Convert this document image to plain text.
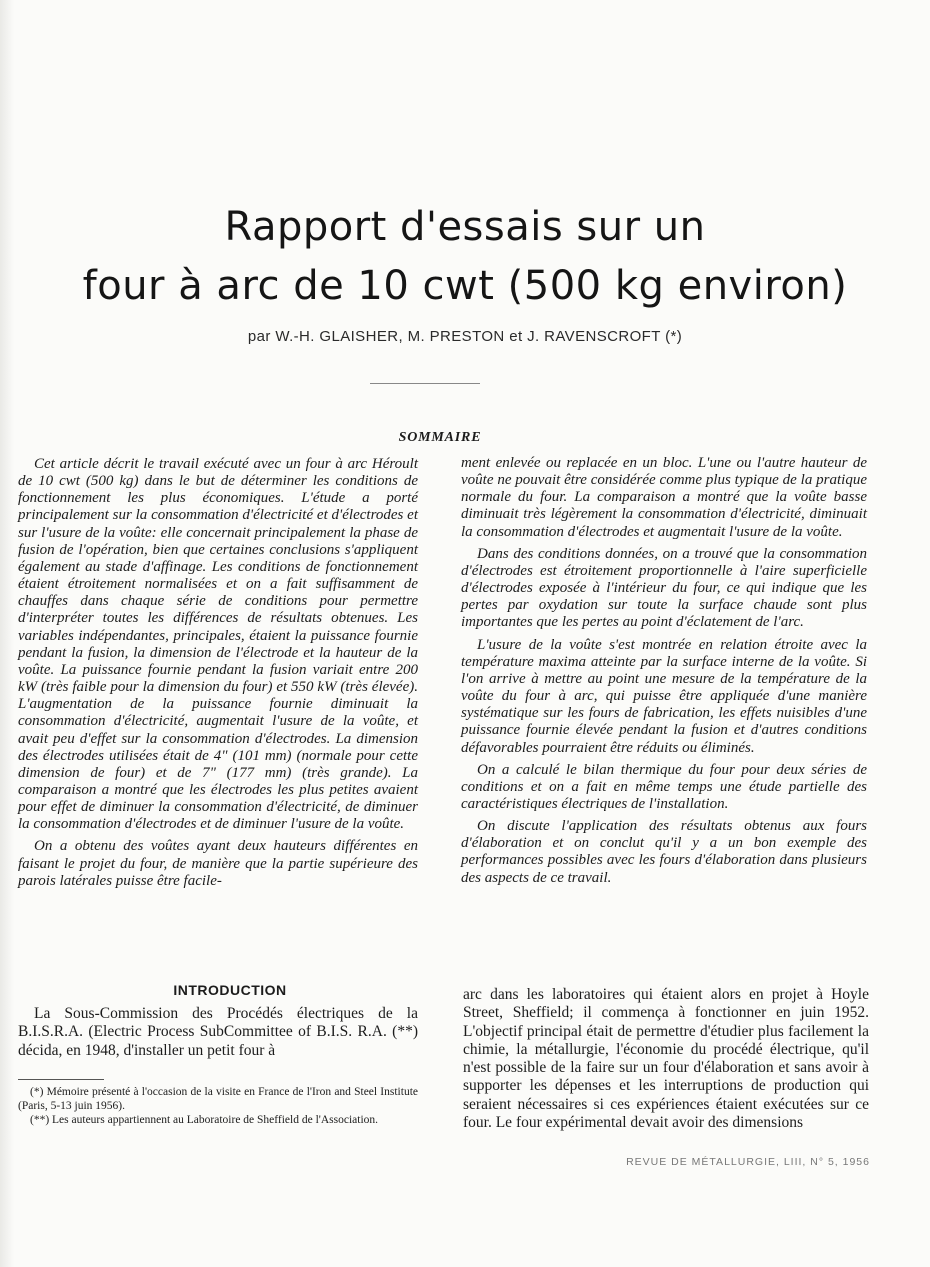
Rapport d'essais sur un
four à arc de 10 cwt (500 kg environ)
par W.-H. GLAISHER, M. PRESTON et J. RAVENSCROFT (*)
SOMMAIRE

Cet article décrit le travail exécuté avec un four à arc Héroult de 10 cwt (500 kg) dans le but de déterminer les conditions de fonctionnement les plus économiques. L'étude a porté principalement sur la consommation d'électricité et d'électrodes et sur l'usure de la voûte: elle concernait principalement la phase de fusion de l'opération, bien que certaines conclusions s'appliquent également au stade d'affinage. Les conditions de fonctionnement étaient étroitement normalisées et on a fait suffisamment de chauffes dans chaque série de conditions pour permettre d'interpréter toutes les différences de résultats obtenues. Les variables indépendantes, principales, étaient la puissance fournie pendant la fusion, la dimension de l'électrode et la hauteur de la voûte. La puissance fournie pendant la fusion variait entre 200 kW (très faible pour la dimension du four) et 550 kW (très élevée). L'augmentation de la puissance fournie diminuait la consommation d'électricité, augmentait l'usure de la voûte, et avait peu d'effet sur la consommation d'électrodes. La dimension des électrodes utilisées était de 4" (101 mm) (normale pour cette dimension de four) et de 7" (177 mm) (très grande). La comparaison a montré que les électrodes les plus petites avaient pour effet de diminuer la consommation d'électricité, de diminuer la consommation d'électrodes et de diminuer l'usure de la voûte.

On a obtenu des voûtes ayant deux hauteurs différentes en faisant le projet du four, de manière que la partie supérieure des parois latérales puisse être facile-

ment enlevée ou replacée en un bloc. L'une ou l'autre hauteur de voûte ne pouvait être considérée comme plus typique de la pratique normale du four. La comparaison a montré que la voûte basse diminuait très légèrement la consommation d'électricité, diminuait la consommation d'électrodes et augmentait l'usure de la voûte.

Dans des conditions données, on a trouvé que la consommation d'électrodes est étroitement proportionnelle à l'aire superficielle d'électrodes exposée à l'intérieur du four, ce qui indique que les pertes par oxydation sur toute la surface chaude sont plus importantes que les pertes au point d'éclatement de l'arc.

L'usure de la voûte s'est montrée en relation étroite avec la température maxima atteinte par la surface interne de la voûte. Si l'on arrive à mettre au point une mesure de la température de la voûte du four à arc, qui puisse être appliquée d'une manière systématique sur les fours de fabrication, les effets nuisibles d'une puissance fournie élevée pendant la fusion et d'autres conditions défavorables pourraient être réduits ou éliminés.

On a calculé le bilan thermique du four pour deux séries de conditions et on a fait en même temps une étude partielle des caractéristiques électriques de l'installation.

On discute l'application des résultats obtenus aux fours d'élaboration et on conclut qu'il y a un bon exemple des performances possibles avec les fours d'élaboration dans plusieurs des aspects de ce travail.

INTRODUCTION

La Sous-Commission des Procédés électriques de la B.I.S.R.A. (Electric Process SubCommittee of B.I.S. R.A. (**) décida, en 1948, d'installer un petit four à

(*) Mémoire présenté à l'occasion de la visite en France de l'Iron and Steel Institute (Paris, 5-13 juin 1956).

(**) Les auteurs appartiennent au Laboratoire de Sheffield de l'Association.

arc dans les laboratoires qui étaient alors en projet à Hoyle Street, Sheffield; il commença à fonctionner en juin 1952. L'objectif principal était de permettre d'étudier plus facilement la chimie, la métallurgie, l'économie du procédé électrique, qu'il n'est possible de la faire sur un four d'élaboration et sans avoir à supporter les dépenses et les interruptions de production qui seraient nécessaires si ces expériences étaient exécutées sur ce four. Le four expérimental devait avoir des dimensions

REVUE DE MÉTALLURGIE, LIII, N° 5, 1956
